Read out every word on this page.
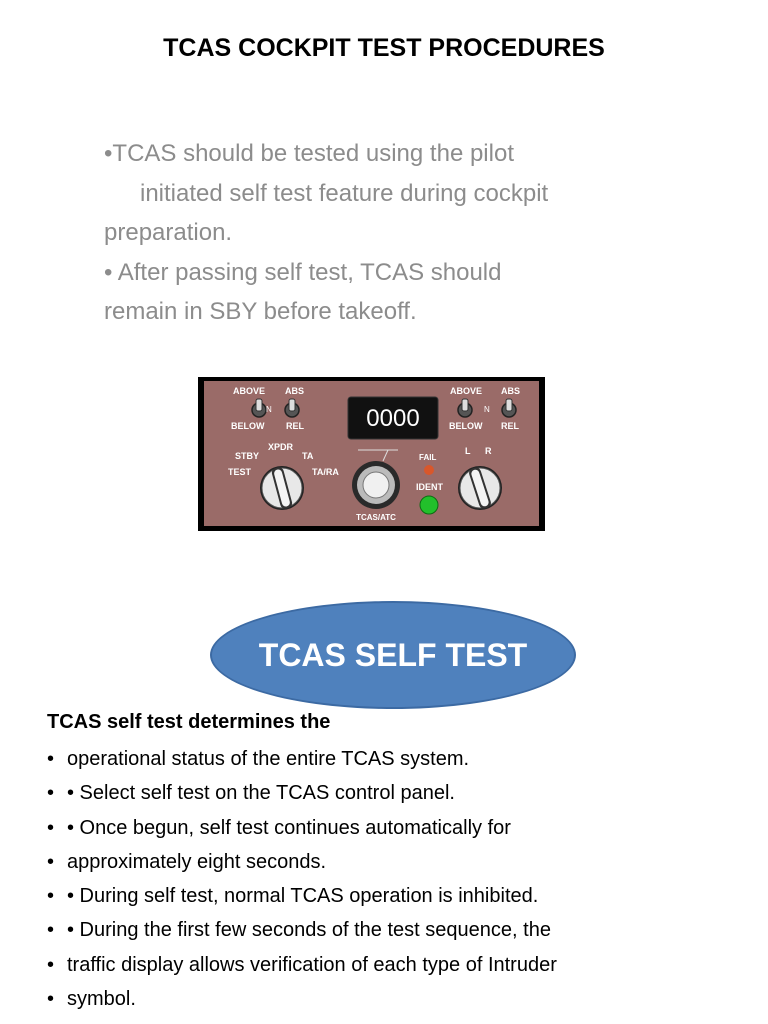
TCAS COCKPIT TEST PROCEDURES
•TCAS should be tested using the pilot
initiated self test feature during cockpit
preparation.
• After passing self test, TCAS should
remain in SBY before takeoff.
ABOVE ABS
N
BELOW REL	0000
ABOVE ABS
N
BELOW REL
XPDR
STBY	TA
TEST	TA/RA
TCAS/ATC
FAIL
IDENT
L R
TCAS SELF TEST
TCAS self test determines the
• operational status of the entire TCAS system.
• • Select self test on the TCAS control panel.
• • Once begun, self test continues automatically for
• approximately eight seconds.
• • During self test, normal TCAS operation is inhibited.
• • During the first few seconds of the test sequence, the
• traffic display allows verification of each type of Intruder
• symbol.
